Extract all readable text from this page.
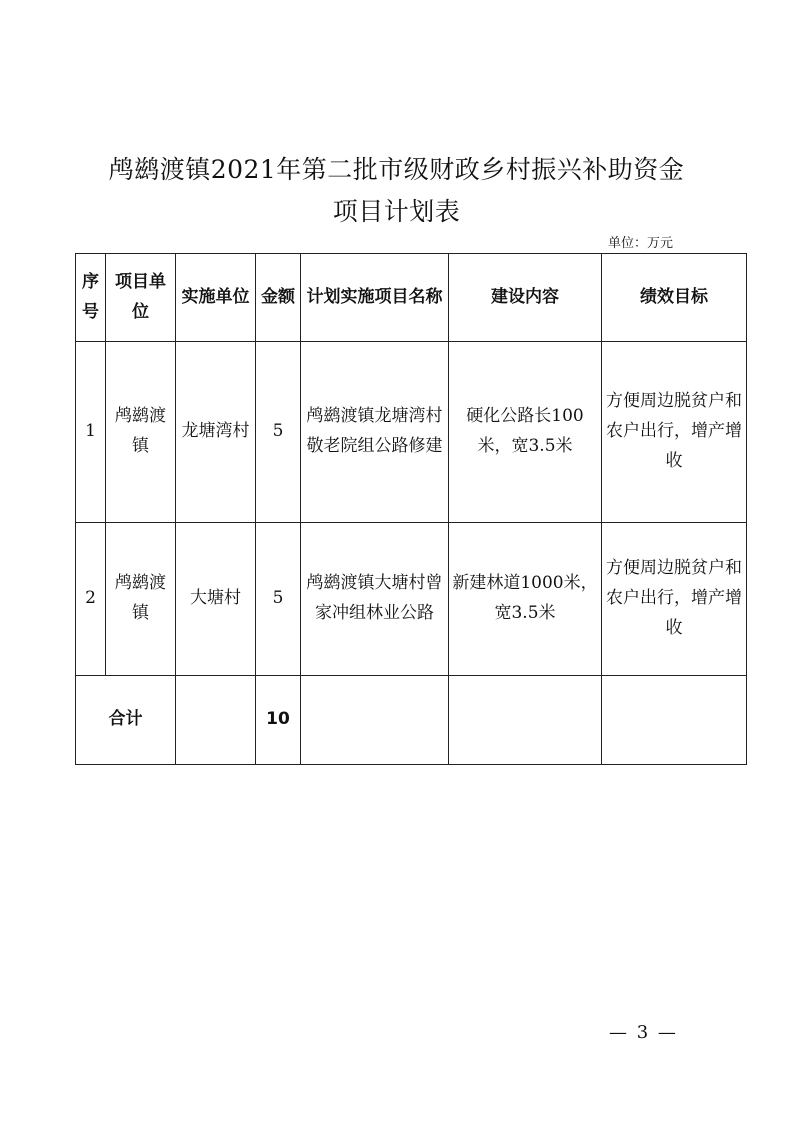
鸬鹚渡镇2021年第二批市级财政乡村振兴补助资金
项目计划表
单位：万元
序号	项目单位	实施单位	金额	计划实施项目名称	建设内容	绩效目标
1	鸬鹚渡镇	龙塘湾村	5	鸬鹚渡镇龙塘湾村敬老院组公路修建	硬化公路长100米，宽3.5米	方便周边脱贫户和农户出行，增产增收
2	鸬鹚渡镇	大塘村	5	鸬鹚渡镇大塘村曾家冲组林业公路	新建林道1000米，宽3.5米	方便周边脱贫户和农户出行，增产增收
合计			10			
— 3 —
